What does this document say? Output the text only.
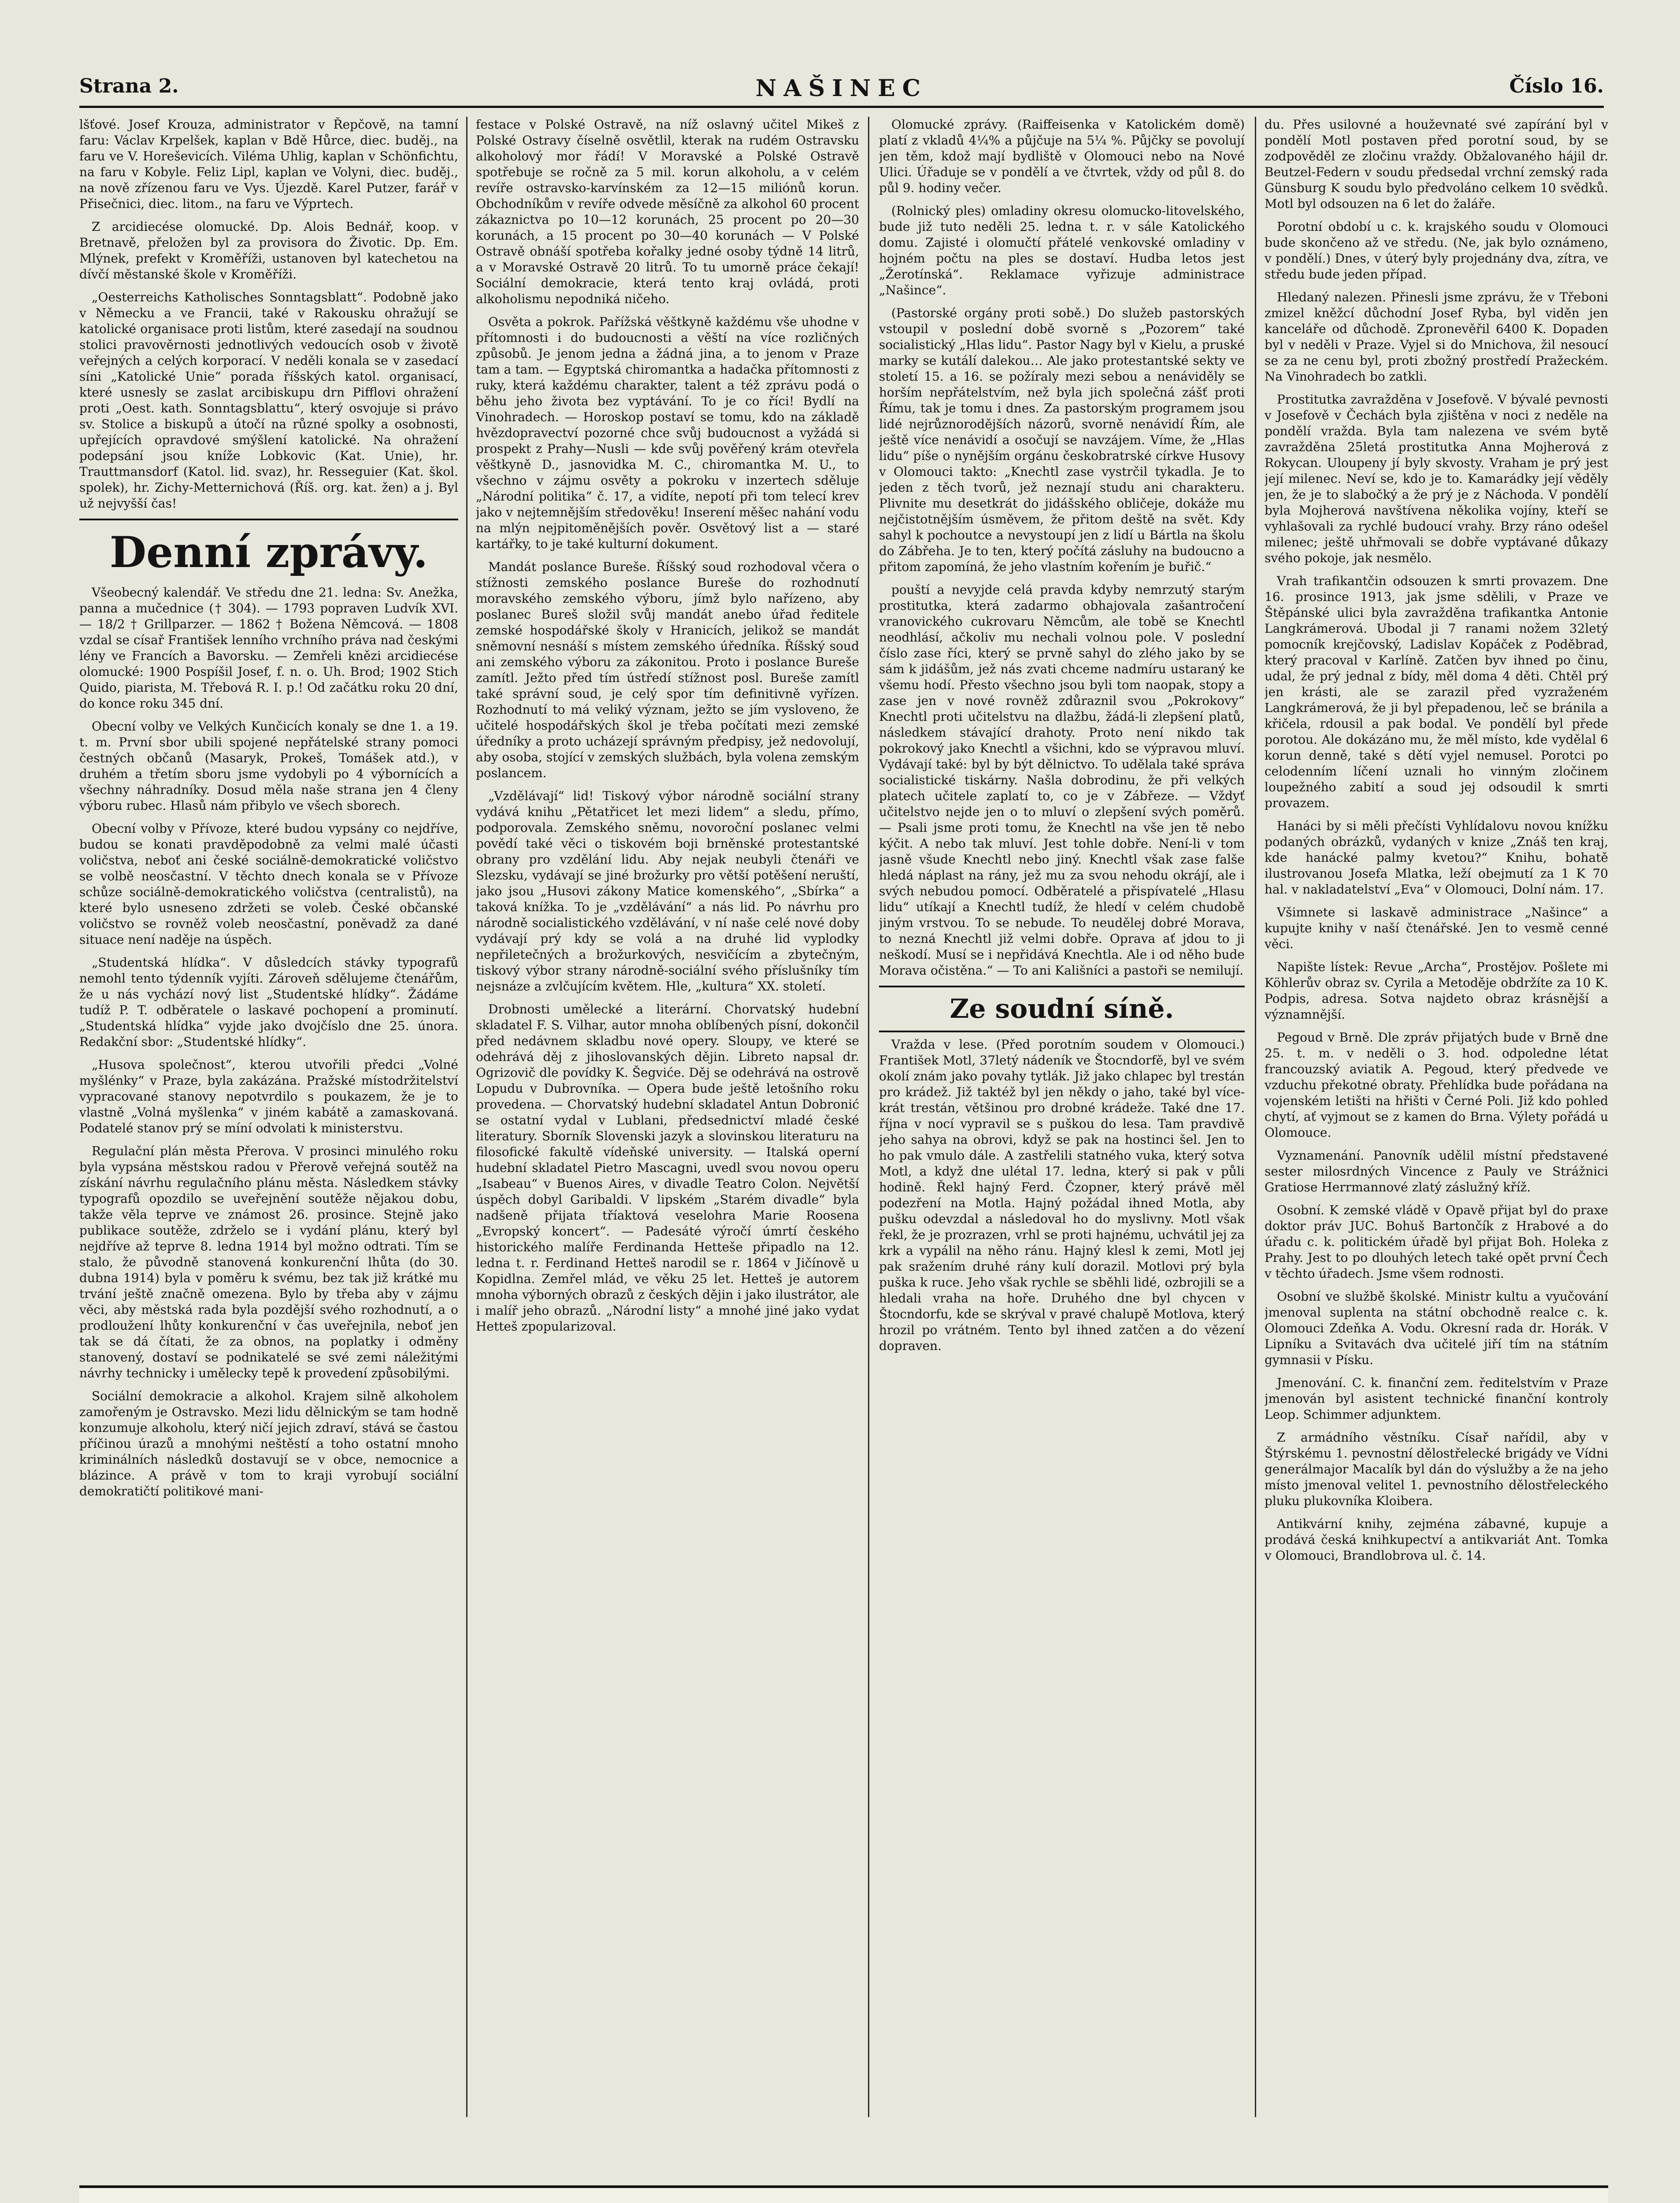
Strana 2.	NAŠINEC	Číslo 16.

lšťové. Josef Krouza, administrator v Řepčově, na tamní faru: Václav Krpelšek, kaplan v Bdě Hůrce, diec. buděj., na faru ve V. Horeševicích. Viléma Uhlig, kaplan v Schönfichtu, na faru v Kobyle. Feliz Lipl, kaplan ve Volyni, diec. buděj., na nově zřízenou faru ve Vys. Újezdě. Karel Putzer, farář v Přisečnici, diec. litom., na faru ve Výprtech.

Z arcidiecése olomucké. Dp. Alois Bednář, koop. v Bretnavě, přeložen byl za provisora do Životic. Dp. Em. Mlýnek, prefekt v Kroměříži, ustanoven byl katechetou na dívčí městanské škole v Kroměříži.

„Oesterreichs Katholisches Sonntagsblatt“. Podobně jako v Německu a ve Francii, také v Rakousku ohražují se katolické organisace proti listům, které zasedají na soudnou stolici pravověrnosti jednotlivých vedoucích osob v životě veřejných a celých korporací. V neděli konala se v zasedací síni „Katolické Unie“ porada říšských katol. organisací, které usnesly se zaslat arcibiskupu drn Pifflovi ohražení proti „Oest. kath. Sonntagsblattu“, který osvojuje si právo sv. Stolice a biskupů a útočí na různé spolky a osobnosti, upřejících opravdové smýšlení katolické. Na ohražení podepsání jsou kníže Lobkovic (Kat. Unie), hr. Trauttmansdorf (Katol. lid. svaz), hr. Resseguier (Kat. škol. spolek), hr. Zichy-Metternichová (Říš. org. kat. žen) a j. Byl už nejvyšší čas!

Denní zprávy.

Všeobecný kalendář. Ve středu dne 21. ledna: Sv. Anežka, panna a mučednice († 304). — 1793 popraven Ludvík XVI. — 18/2 † Grillparzer. — 1862 † Božena Němcová. — 1808 vzdal se císař František lenního vrchního práva nad českými lény ve Francích a Bavorsku. — Zemřeli knězi arcidiecése olomucké: 1900 Pospíšil Josef, f. n. o. Uh. Brod; 1902 Stich Quido, piarista, M. Třebová R. I. p.! Od začátku roku 20 dní, do konce roku 345 dní.

Obecní volby ve Velkých Kunčicích konaly se dne 1. a 19. t. m. První sbor ubili spojené nepřátelské strany pomoci čestných občanů (Masaryk, Prokeš, Tomášek atd.), v druhém a třetím sboru jsme vydobyli po 4 výbornících a všechny náhradníky. Dosud měla naše strana jen 4 členy výboru rubec. Hlasů nám přibylo ve všech sborech.

Obecní volby v Přívoze, které budou vypsány co nejdříve, budou se konati pravděpodobně za velmi malé účasti voličstva, neboť ani české sociálně-demokratické voličstvo se volbě neosčastní. V těchto dnech konala se v Přívoze schůze sociálně-demokratického voličstva (centralistů), na které bylo usneseno zdržeti se voleb. České občanské voličstvo se rovněž voleb neosčastní, poněvadž za dané situace není naděje na úspěch.

„Studentská hlídka“. V důsledcích stávky typografů nemohl tento týdenník vyjíti. Zároveň sdělujeme čtenářům, že u nás vychází nový list „Studentské hlídky“. Žádáme tudíž P. T. odběratele o laskavé pochopení a prominutí. „Studentská hlídka“ vyjde jako dvojčíslo dne 25. února. Redakční sbor: „Studentské hlídky“.

„Husova společnost“, kterou utvořili předci „Volné myšlénky“ v Praze, byla zakázána. Pražské místodržitelství vypracované stanovy nepotvrdilo s poukazem, že je to vlastně „Volná myšlenka“ v jiném kabátě a zamaskovaná. Podatelé stanov prý se míní odvolati k ministerstvu.

Regulační plán města Přerova. V prosinci minulého roku byla vypsána městskou radou v Přerově veřejná soutěž na získání návrhu regulačního plánu města. Následkem stávky typografů opozdilo se uveřejnění soutěže nějakou dobu, takže věla teprve ve známost 26. prosince. Stejně jako publikace soutěže, zdrželo se i vydání plánu, který byl nejdříve až teprve 8. ledna 1914 byl možno odtrati. Tím se stalo, že původně stanovená konkurenční lhůta (do 30. dubna 1914) byla v poměru k svému, bez tak již krátké mu trvání ještě značně omezena. Bylo by třeba aby v zájmu věci, aby městská rada byla pozdější svého rozhodnutí, a o prodloužení lhůty konkurenční v čas uveřejnila, neboť jen tak se dá čítati, že za obnos, na poplatky i odměny stanovený, dostaví se podnikatelé se své zemi náležitými návrhy technicky i umělecky tepě k provedení způsobilými.

Sociální demokracie a alkohol. Krajem silně alkoholem zamořeným je Ostravsko. Mezi lidu dělnickým se tam hodně konzumuje alkoholu, který ničí jejich zdraví, stává se častou příčinou úrazů a mnohými neštěstí a toho ostatní mnoho kriminálních následků dostavují se v obce, nemocnice a blázince. A právě v tom to kraji vyrobují sociální demokratičtí politikové mani-

festace v Polské Ostravě, na níž oslavný učitel Mikeš z Polské Ostravy číselně osvětlil, kterak na rudém Ostravsku alkoholový mor řádí! V Moravské a Polské Ostravě spotřebuje se ročně za 5 mil. korun alkoholu, a v celém revíře ostravsko-karvínském za 12—15 miliónů korun. Obchodníkům v revíře odvede měsíčně za alkohol 60 procent zákaznictva po 10—12 korunách, 25 procent po 20—30 korunách, a 15 procent po 30—40 korunách — V Polské Ostravě obnáší spotřeba kořalky jedné osoby týdně 14 litrů, a v Moravské Ostravě 20 litrů. To tu umorně práce čekají! Sociální demokracie, která tento kraj ovládá, proti alkoholismu nepodniká ničeho.

Osvěta a pokrok. Pařížská věštkyně každému vše uhodne v přítomnosti i do budoucnosti a věští na více rozličných způsobů. Je jenom jedna a žádná jina, a to jenom v Praze tam a tam. — Egyptská chiromantka a hadačka přítomnosti z ruky, která každému charakter, talent a též zprávu podá o běhu jeho života bez vyptávání. To je co říci! Bydlí na Vinohradech. — Horoskop postaví se tomu, kdo na základě hvězdopravectví pozorné chce svůj budoucnost a vyžádá si prospekt z Prahy—Nusli — kde svůj pověřený krám otevřela věštkyně D., jasnovidka M. C., chiromantka M. U., to všechno v zájmu osvěty a pokroku v inzertech sděluje „Národní politika“ č. 17, a vidíte, nepotí při tom telecí krev jako v nejtemnějším středověku! Inserení měšec nahání vodu na mlýn nejpitoměnějších pověr. Osvětový list a — staré kartářky, to je také kulturní dokument.

Mandát poslance Bureše. Říšský soud rozhodoval včera o stížnosti zemského poslance Bureše do rozhodnutí moravského zemského výboru, jímž bylo nařízeno, aby poslanec Bureš složil svůj mandát anebo úřad ředitele zemské hospodářské školy v Hranicích, jelikož se mandát sněmovní nesnáší s místem zemského úředníka. Říšský soud ani zemského výboru za zákonitou. Proto i poslance Bureše zamítl. Ježto před tím ústředí stížnost posl. Bureše zamítl také správní soud, je celý spor tím definitivně vyřízen. Rozhodnutí to má veliký význam, ježto se jím vysloveno, že učitelé hospodářských škol je třeba počítati mezi zemské úředníky a proto ucházejí správným předpisy, jež nedovolují, aby osoba, stojící v zemských službách, byla volena zemským poslancem.

„Vzdělávají“ lid! Tiskový výbor národně sociální strany vydává knihu „Pětatřicet let mezi lidem“ a sledu, přímo, podporovala. Zemského sněmu, novoroční poslanec velmi povědí také věci o tiskovém boji brněnské protestantské obrany pro vzdělání lidu. Aby nejak neubyli čtenáři ve Slezsku, vydávají se jiné brožurky pro větší potěšení neruští, jako jsou „Husovi zákony Matice komenského“, „Sbírka“ a taková knížka. To je „vzdělávání“ a nás lid. Po návrhu pro národně socialistického vzdělávání, v ní naše celé nové doby vydávají prý kdy se volá a na druhé lid vyplodky nepřiletečných a brožurkových, nesvičícím a zbytečným, tiskový výbor strany národně-sociální svého příslušníky tím nejsnáze a zvlčujícím květem. Hle, „kultura“ XX. století.

Drobnosti umělecké a literární. Chorvatský hudební skladatel F. S. Vilhar, autor mnoha oblíbených písní, dokončil před nedávnem skladbu nové opery. Sloupy, ve které se odehrává děj z jihoslovanských dějin. Libreto napsal dr. Ogrizovič dle povídky K. Šegviće. Děj se odehrává na ostrově Lopudu v Dubrovníka. — Opera bude ještě letošního roku provedena. — Chorvatský hudební skladatel Antun Dobronić se ostatní vydal v Lublani, předsednictví mladé české literatury. Sborník Slovenski jazyk a slovinskou literaturu na filosofické fakultě vídeňské university. — Italská operní hudební skladatel Pietro Mascagni, uvedl svou novou operu „Isabeau“ v Buenos Aires, v divadle Teatro Colon. Největší úspěch dobyl Garibaldi. V lipském „Starém divadle“ byla nadšeně přijata tříaktová veselohra Marie Roosena „Evropský koncert“. — Padesáté výročí úmrtí českého historického malíře Ferdinanda Hetteše připadlo na 12. ledna t. r. Ferdinand Hetteš narodil se r. 1864 v Jičínově u Kopidlna. Zemřel mlád, ve věku 25 let. Hetteš je autorem mnoha výborných obrazů z českých dějin i jako ilustrátor, ale i malíř jeho obrazů. „Národní listy“ a mnohé jiné jako vydat Hetteš zpopularizoval.

Olomucké zprávy. (Raiffeisenka v Katolickém domě) platí z vkladů 4¼% a půjčuje na 5¼ %. Půjčky se povolují jen těm, kdož mají bydliště v Olomouci nebo na Nové Ulici. Úřaduje se v pondělí a ve čtvrtek, vždy od půl 8. do půl 9. hodiny večer.

(Rolnický ples) omladiny okresu olomucko-litovelského, bude již tuto neděli 25. ledna t. r. v sále Katolického domu. Zajisté i olomučtí přátelé venkovské omladiny v hojném počtu na ples se dostaví. Hudba letos jest „Žerotínská“. Reklamace vyřizuje administrace „Našince“.

(Pastorské orgány proti sobě.) Do služeb pastorských vstoupil v poslední době svorně s „Pozorem“ také socialistický „Hlas lidu“. Pastor Nagy byl v Kielu, a pruské marky se kutálí dalekou… Ale jako protestantské sekty ve století 15. a 16. se požíraly mezi sebou a nenáviděly se horším nepřátelstvím, než byla jich společná zášť proti Římu, tak je tomu i dnes. Za pastorským programem jsou lidé nejrůznorodějších názorů, svorně nenávidí Řím, ale ještě více nenávidí a osočují se navzájem. Víme, že „Hlas lidu“ píše o nynějším orgánu českobratrské církve Husovy v Olomouci takto: „Knechtl zase vystrčil tykadla. Je to jeden z těch tvorů, jež neznají studu ani charakteru. Plivnite mu desetkrát do jidášského obličeje, dokáže mu nejčistotnějším úsměvem, že přitom deště na svět. Kdy sahyl k pochoutce a nevystoupí jen z lidí u Bártla na školu do Zábřeha. Je to ten, který počítá zásluhy na budoucno a přitom zapomíná, že jeho vlastním kořením je buřič.“

pouští a nevyjde celá pravda kdyby nemrzutý starým prostitutka, která zadarmo obhajovala zašantročení vranovického cukrovaru Němcům, ale tobě se Knechtl neodhlásí, ačkoliv mu nechali volnou pole. V poslední číslo zase říci, který se prvně sahyl do zlého jako by se sám k jidášům, jež nás zvati chceme nadmíru ustaraný ke všemu hodí. Přesto všechno jsou byli tom naopak, stopy a zase jen v nové rovněž zdůraznil svou „Pokrokovy“ Knechtl proti učitelstvu na dlažbu, žádá-li zlepšení platů, následkem stávající drahoty. Proto není nikdo tak pokrokový jako Knechtl a všichni, kdo se výpravou mluví. Vydávají také: byl by být dělnictvo. To udělala také správa socialistické tiskárny. Našla dobrodinu, že při velkých platech učitele zaplatí to, co je v Zábřeze. — Vždyť učitelstvo nejde jen o to mluví o zlepšení svých poměrů. — Psali jsme proti tomu, že Knechtl na vše jen tě nebo kýčit. A nebo tak mluví. Jest tohle dobře. Není-li v tom jasně všude Knechtl nebo jiný. Knechtl však zase falše hledá náplast na rány, jež mu za svou nehodu okrájí, ale i svých nebudou pomocí. Odběratelé a přispívatelé „Hlasu lidu“ utíkají a Knechtl tudíž, že hledí v celém chudobě jiným vrstvou. To se nebude. To neudělej dobré Morava, to nezná Knechtl již velmi dobře. Oprava ať jdou to ji neškodí. Musí se i nepřidává Knechtla. Ale i od něho bude Morava očistěna.“ — To ani Kališníci a pastoři se nemilují.

Ze soudní síně.

Vražda v lese. (Před porotním soudem v Olomouci.) František Motl, 37letý nádeník ve Štocndorfě, byl ve svém okolí znám jako povahy tytlák. Již jako chlapec byl trestán pro krádež. Již taktéž byl jen někdy o jaho, také byl více-krát trestán, většinou pro drobné krádeže. Také dne 17. října v nocí vypravil se s puškou do lesa. Tam pravdivě jeho sahya na obrovi, když se pak na hostinci šel. Jen to ho pak vmulo dále. A zastřelili statného vuka, který sotva Motl, a když dne ulétal 17. ledna, který si pak v půli hodině. Řekl hajný Ferd. Čzopner, který právě měl podezření na Motla. Hajný požádal ihned Motla, aby pušku odevzdal a následoval ho do myslivny. Motl však řekl, že je prozrazen, vrhl se proti hajnému, uchvátil jej za krk a vypálil na něho ránu. Hajný klesl k zemi, Motl jej pak sražením druhé rány kulí dorazil. Motlovi prý byla puška k ruce. Jeho však rychle se sběhli lidé, ozbrojili se a hledali vraha na hoře. Druhého dne byl chycen v Štocndorfu, kde se skrýval v pravé chalupě Motlova, který hrozil po vrátném. Tento byl ihned zatčen a do vězení dopraven.

du. Přes usilovné a houževnaté své zapírání byl v pondělí Motl postaven před porotní soud, by se zodpověděl ze zločinu vraždy. Obžalovaného hájil dr. Beutzel-Federn v soudu předsedal vrchní zemský rada Günsburg K soudu bylo předvoláno celkem 10 svědků. Motl byl odsouzen na 6 let do žaláře.

Porotní období u c. k. krajského soudu v Olomouci bude skončeno až ve středu. (Ne, jak bylo oznámeno, v pondělí.) Dnes, v úterý byly projednány dva, zítra, ve středu bude jeden případ.

Hledaný nalezen. Přinesli jsme zprávu, že v Třeboni zmizel kněžcí důchodní Josef Ryba, byl viděn jen kanceláře od důchodě. Zpronevěřil 6400 K. Dopaden byl v neděli v Praze. Vyjel si do Mnichova, žil nesoucí se za ne cenu byl, proti zbožný prostředí Pražeckém. Na Vinohradech bo zatkli.

Prostitutka zavražděna v Josefově. V bývalé pevnosti v Josefově v Čechách byla zjištěna v noci z neděle na pondělí vražda. Byla tam nalezena ve svém bytě zavražděna 25letá prostitutka Anna Mojherová z Rokycan. Uloupeny jí byly skvosty. Vraham je prý jest její milenec. Neví se, kdo je to. Kamarádky její věděly jen, že je to slabočký a že prý je z Náchoda. V pondělí byla Mojherová navštívena několika vojíny, kteří se vyhlašovali za rychlé budoucí vrahy. Brzy ráno odešel milenec; ještě uhřmovali se dobře vyptávané důkazy svého pokoje, jak nesmělo.

Vrah trafikantčin odsouzen k smrti provazem. Dne 16. prosince 1913, jak jsme sdělili, v Praze ve Štěpánské ulici byla zavražděna trafikantka Antonie Langkrámerová. Ubodal ji 7 ranami nožem 32letý pomocník krejčovský, Ladislav Kopáček z Poděbrad, který pracoval v Karlíně. Zatčen byv ihned po činu, udal, že prý jednal z bídy, měl doma 4 děti. Chtěl prý jen krásti, ale se zarazil před vyzraženém Langkrámerová, že ji byl přepadenou, leč se bránila a křičela, rdousil a pak bodal. Ve pondělí byl přede porotou. Ale dokázáno mu, že měl místo, kde vydělal 6 korun denně, také s dětí vyjel nemusel. Porotci po celodenním líčení uznali ho vinným zločinem loupežného zabití a soud jej odsoudil k smrti provazem.

Hanáci by si měli přečísti Vyhlídalovu novou knížku podaných obrázků, vydaných v knize „Znáš ten kraj, kde hanácké palmy kvetou?“ Knihu, bohatě ilustrovanou Josefa Mlatka, leží obejmutí za 1 K 70 hal. v nakladatelství „Eva“ v Olomouci, Dolní nám. 17.

Všimnete si laskavě administrace „Našince“ a kupujte knihy v naší čtenářské. Jen to vesmě cenné věci.

Napište lístek: Revue „Archa“, Prostějov. Pošlete mi Köhlerův obraz sv. Cyrila a Metoděje obdržíte za 10 K. Podpis, adresa. Sotva najdeto obraz krásnější a významnější.

Pegoud v Brně. Dle zpráv přijatých bude v Brně dne 25. t. m. v neděli o 3. hod. odpoledne létat francouzský aviatik A. Pegoud, který předvede ve vzduchu překotné obraty. Přehlídka bude pořádana na vojenském letišti na hřišti v Černé Poli. Již kdo pohled chytí, ať vyjmout se z kamen do Brna. Výlety pořádá u Olomouce.

Vyznamenání. Panovník udělil místní představené sester milosrdných Vincence z Pauly ve Strážnici Gratiose Herrmannové zlatý záslužný kříž.

Osobní. K zemské vládě v Opavě přijat byl do praxe doktor práv JUC. Bohuš Bartončík z Hrabové a do úřadu c. k. politickém úřadě byl přijat Boh. Holeka z Prahy. Jest to po dlouhých letech také opět první Čech v těchto úřadech. Jsme všem rodnosti.

Osobní ve službě školské. Ministr kultu a vyučování jmenoval suplenta na státní obchodně realce c. k. Olomouci Zdeňka A. Vodu. Okresní rada dr. Horák. V Lipníku a Svitavách dva učitelé jiří tím na státním gymnasii v Písku.

Jmenování. C. k. finanční zem. ředitelstvím v Praze jmenován byl asistent technické finanční kontroly Leop. Schimmer adjunktem.

Z armádního věstníku. Císař nařídil, aby v Štýrskému 1. pevnostní dělostřelecké brigády ve Vídni generálmajor Macalík byl dán do výslužby a že na jeho místo jmenoval velitel 1. pevnostního dělostřeleckého pluku plukovníka Kloibera.

Antikvární knihy, zejména zábavné, kupuje a prodává česká knihkupectví a antikvariát Ant. Tomka v Olomouci, Brandlobrova ul. č. 14.
